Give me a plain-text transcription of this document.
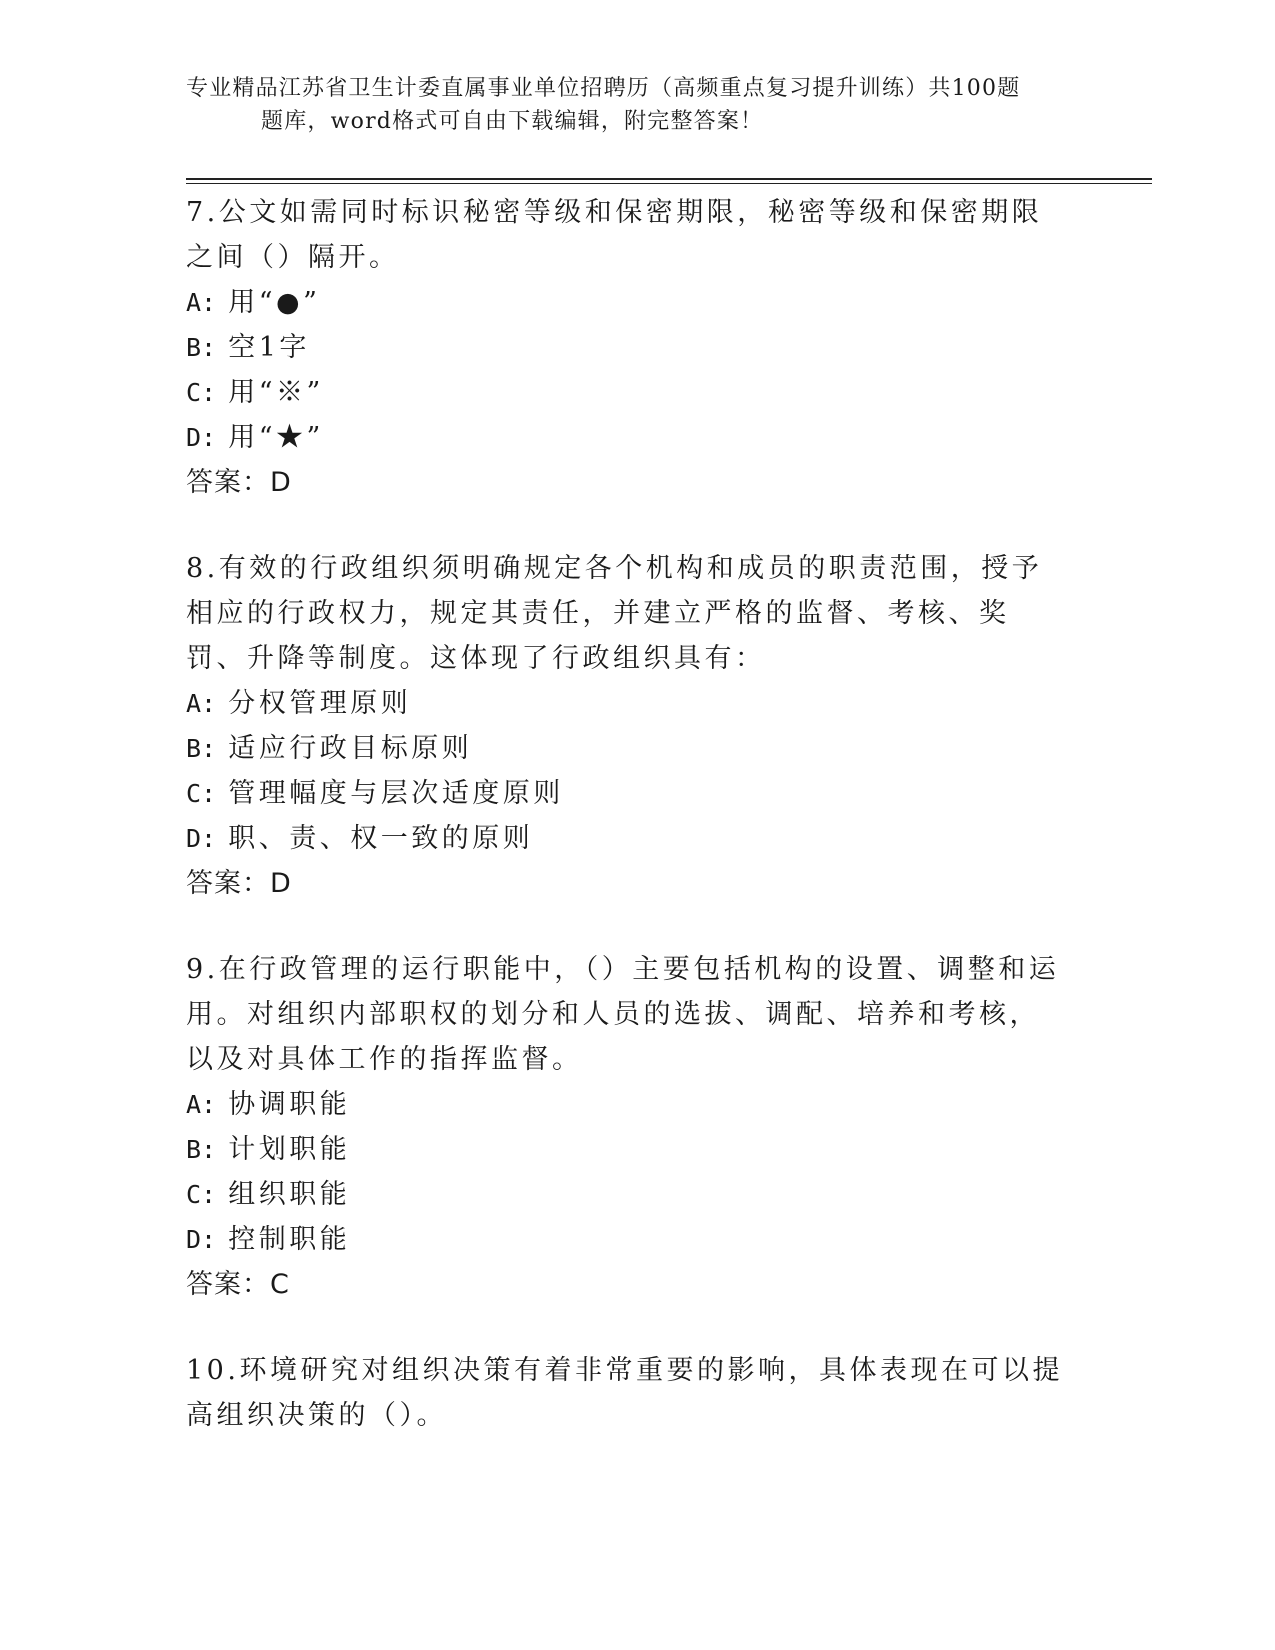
专业精品江苏省卫生计委直属事业单位招聘历（高频重点复习提升训练）共100题
题库，word格式可自由下载编辑，附完整答案！
7.公文如需同时标识秘密等级和保密期限，秘密等级和保密期限之间（）隔开。
A: 用“●”
B: 空1字
C: 用“※”
D: 用“★”
答案：D
8.有效的行政组织须明确规定各个机构和成员的职责范围，授予相应的行政权力，规定其责任，并建立严格的监督、考核、奖罚、升降等制度。这体现了行政组织具有：
A: 分权管理原则
B: 适应行政目标原则
C: 管理幅度与层次适度原则
D: 职、责、权一致的原则
答案：D
9.在行政管理的运行职能中，（）主要包括机构的设置、调整和运用。对组织内部职权的划分和人员的选拔、调配、培养和考核，以及对具体工作的指挥监督。
A: 协调职能
B: 计划职能
C: 组织职能
D: 控制职能
答案：C
10.环境研究对组织决策有着非常重要的影响，具体表现在可以提高组织决策的（）。
